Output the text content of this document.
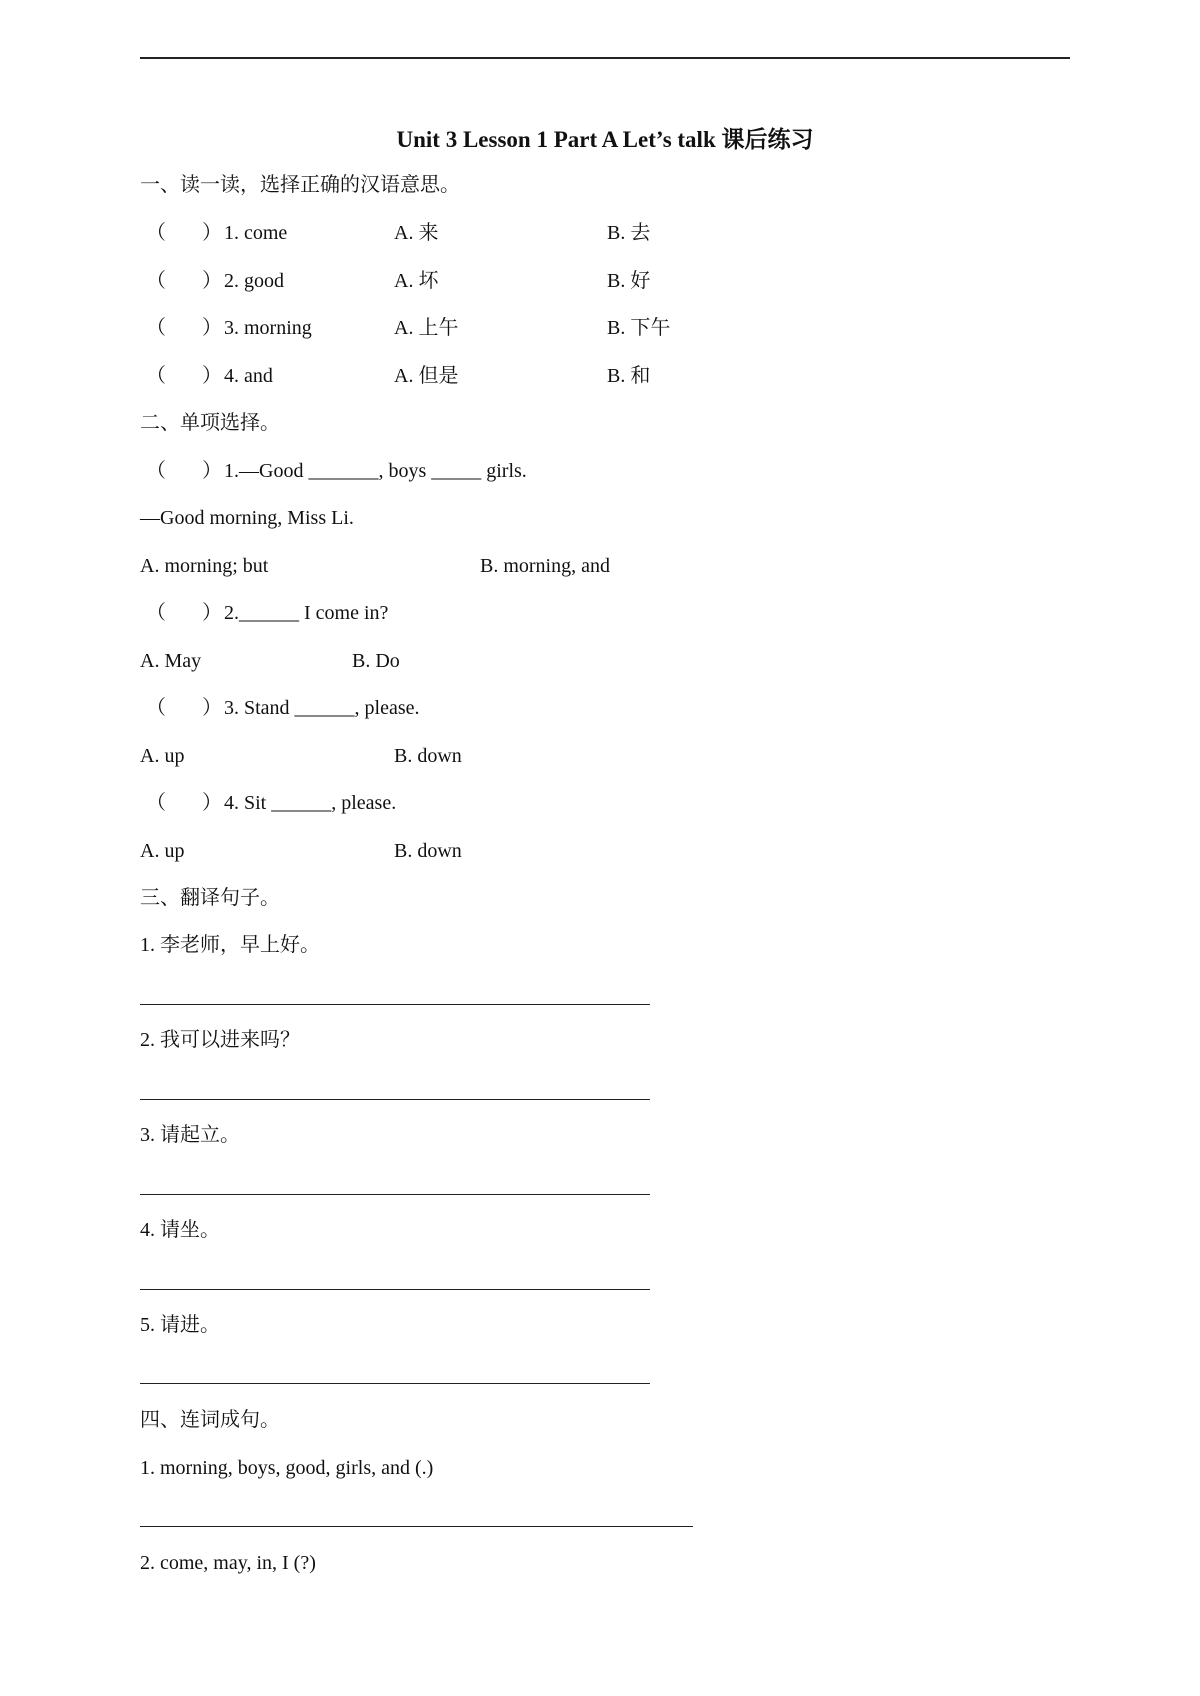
Unit 3 Lesson 1 Part A Let’s talk 课后练习
一、读一读，选择正确的汉语意思。
（ ） 1. come	A. 来	B. 去
（ ） 2. good	A. 坏	B. 好
（ ） 3. morning	A. 上午	B. 下午
（ ） 4. and	A. 但是	B. 和
二、单项选择。
（ ） 1.—Good _______, boys _____ girls.
—Good morning, Miss Li.
A. morning; but	B. morning, and
（ ） 2.______ I come in?
A. May	B. Do
（ ） 3. Stand ______, please.
A. up	B. down
（ ） 4. Sit ______, please.
A. up	B. down
三、翻译句子。
1. 李老师，早上好。
2. 我可以进来吗？
3. 请起立。
4. 请坐。
5. 请进。
四、连词成句。
1. morning, boys, good, girls, and (.)
2. come, may, in, I (?)
